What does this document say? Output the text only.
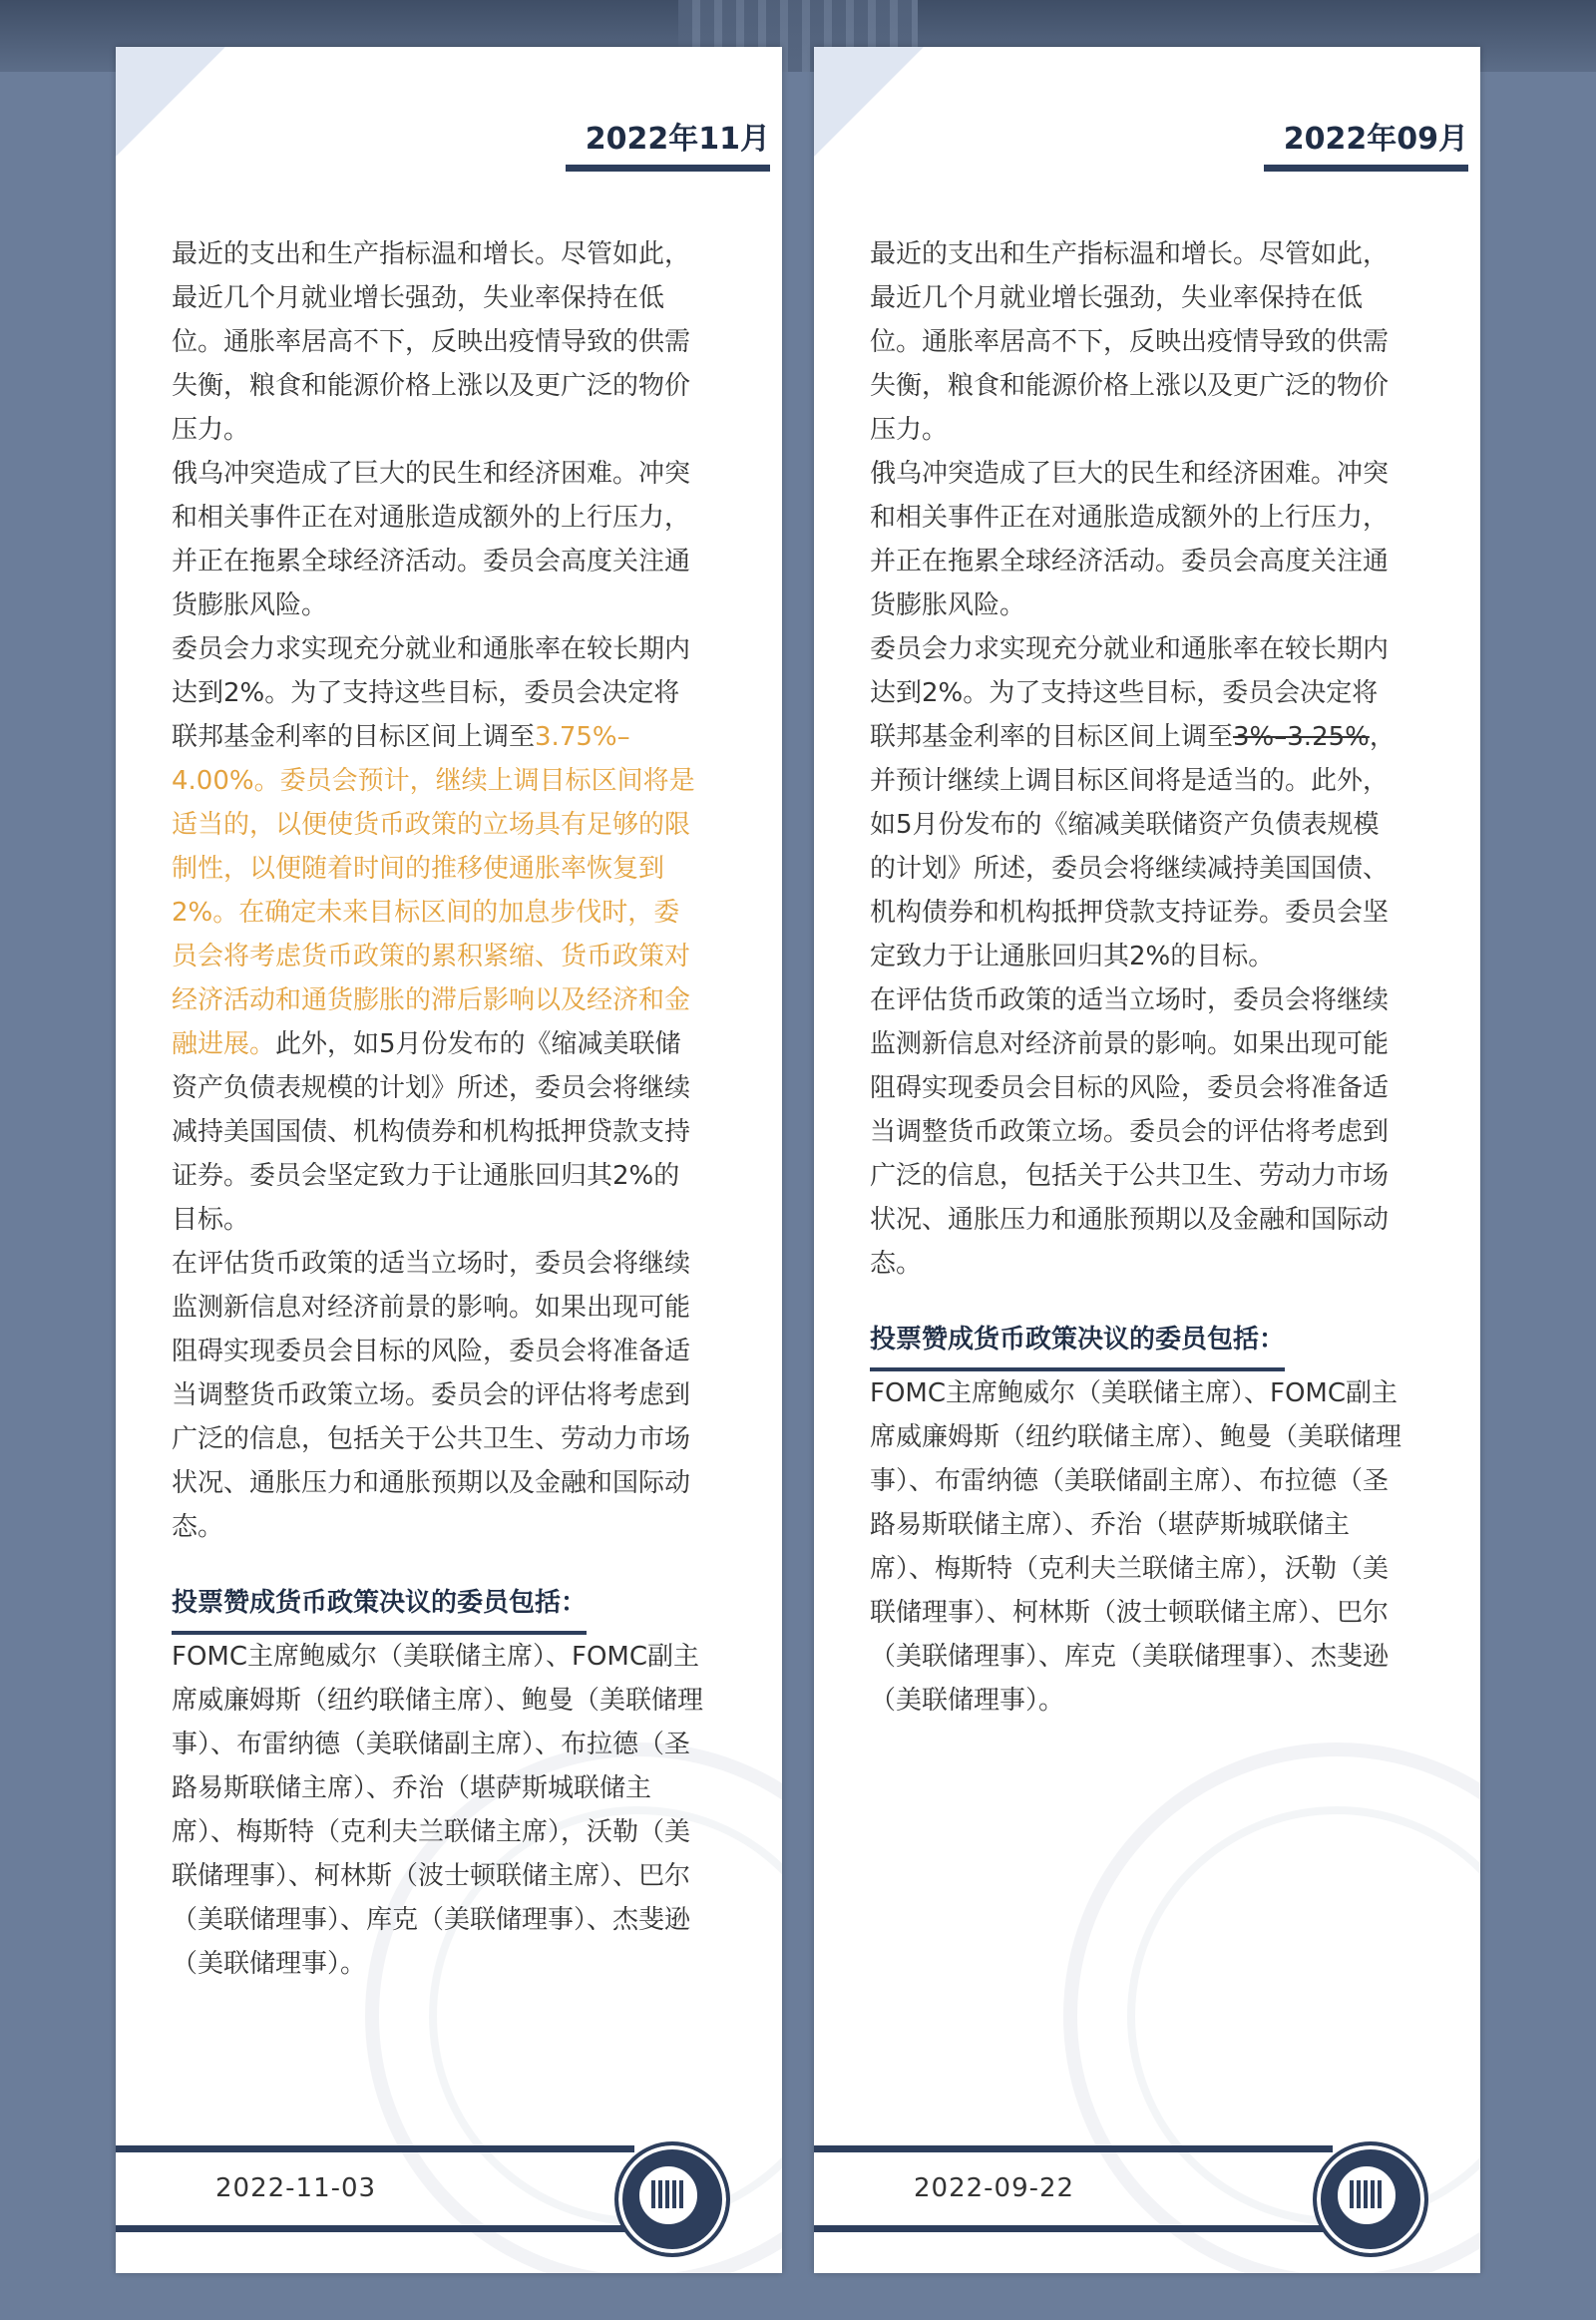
2022年11月

最近的支出和生产指标温和增长。尽管如此，最近几个月就业增长强劲，失业率保持在低位。通胀率居高不下，反映出疫情导致的供需失衡，粮食和能源价格上涨以及更广泛的物价压力。

俄乌冲突造成了巨大的民生和经济困难。冲突和相关事件正在对通胀造成额外的上行压力，并正在拖累全球经济活动。委员会高度关注通货膨胀风险。

委员会力求实现充分就业和通胀率在较长期内达到2%。为了支持这些目标，委员会决定将联邦基金利率的目标区间上调至3.75%–4.00%。委员会预计，继续上调目标区间将是适当的，以便使货币政策的立场具有足够的限制性，以便随着时间的推移使通胀率恢复到2%。在确定未来目标区间的加息步伐时，委员会将考虑货币政策的累积紧缩、货币政策对经济活动和通货膨胀的滞后影响以及经济和金融进展。此外，如5月份发布的《缩减美联储资产负债表规模的计划》所述，委员会将继续减持美国国债、机构债券和机构抵押贷款支持证券。委员会坚定致力于让通胀回归其2%的目标。

在评估货币政策的适当立场时，委员会将继续监测新信息对经济前景的影响。如果出现可能阻碍实现委员会目标的风险，委员会将准备适当调整货币政策立场。委员会的评估将考虑到广泛的信息，包括关于公共卫生、劳动力市场状况、通胀压力和通胀预期以及金融和国际动态。

投票赞成货币政策决议的委员包括：

FOMC主席鲍威尔（美联储主席）、FOMC副主席威廉姆斯（纽约联储主席）、鲍曼（美联储理事）、布雷纳德（美联储副主席）、布拉德（圣路易斯联储主席）、乔治（堪萨斯城联储主席）、梅斯特（克利夫兰联储主席），沃勒（美联储理事）、柯林斯（波士顿联储主席）、巴尔（美联储理事）、库克（美联储理事）、杰斐逊（美联储理事）。

2022-11-03
2022年09月

最近的支出和生产指标温和增长。尽管如此，最近几个月就业增长强劲，失业率保持在低位。通胀率居高不下，反映出疫情导致的供需失衡，粮食和能源价格上涨以及更广泛的物价压力。

俄乌冲突造成了巨大的民生和经济困难。冲突和相关事件正在对通胀造成额外的上行压力，并正在拖累全球经济活动。委员会高度关注通货膨胀风险。

委员会力求实现充分就业和通胀率在较长期内达到2%。为了支持这些目标，委员会决定将联邦基金利率的目标区间上调至3%–3.25%，并预计继续上调目标区间将是适当的。此外，如5月份发布的《缩减美联储资产负债表规模的计划》所述，委员会将继续减持美国国债、机构债券和机构抵押贷款支持证券。委员会坚定致力于让通胀回归其2%的目标。

在评估货币政策的适当立场时，委员会将继续监测新信息对经济前景的影响。如果出现可能阻碍实现委员会目标的风险，委员会将准备适当调整货币政策立场。委员会的评估将考虑到广泛的信息，包括关于公共卫生、劳动力市场状况、通胀压力和通胀预期以及金融和国际动态。

投票赞成货币政策决议的委员包括：

FOMC主席鲍威尔（美联储主席）、FOMC副主席威廉姆斯（纽约联储主席）、鲍曼（美联储理事）、布雷纳德（美联储副主席）、布拉德（圣路易斯联储主席）、乔治（堪萨斯城联储主席）、梅斯特（克利夫兰联储主席），沃勒（美联储理事）、柯林斯（波士顿联储主席）、巴尔（美联储理事）、库克（美联储理事）、杰斐逊（美联储理事）。

2022-09-22
